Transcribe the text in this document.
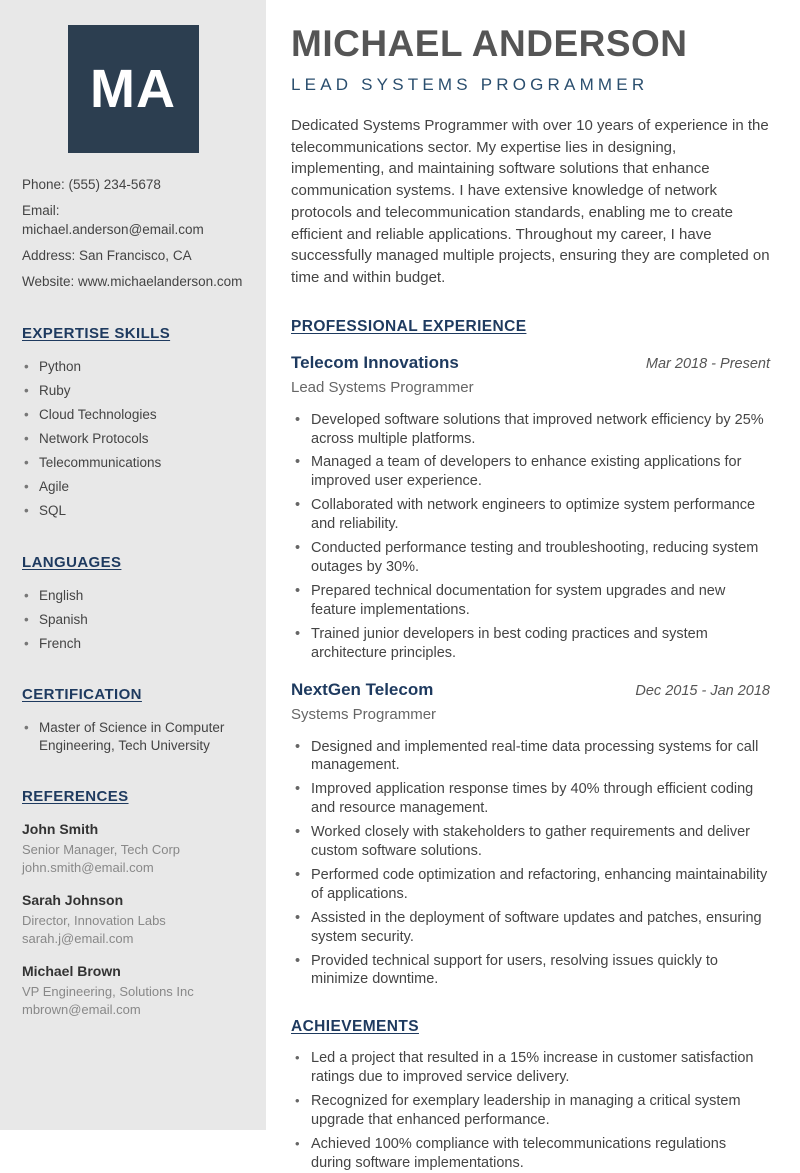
MA
Phone: (555) 234-5678
Email: michael.anderson@email.com
Address: San Francisco, CA
Website: www.michaelanderson.com
EXPERTISE SKILLS
• Python
• Ruby
• Cloud Technologies
• Network Protocols
• Telecommunications
• Agile
• SQL
LANGUAGES
• English
• Spanish
• French
CERTIFICATION
• Master of Science in Computer Engineering, Tech University
REFERENCES
John Smith
Senior Manager, Tech Corp
john.smith@email.com
Sarah Johnson
Director, Innovation Labs
sarah.j@email.com
Michael Brown
VP Engineering, Solutions Inc
mbrown@email.com
MICHAEL ANDERSON
LEAD SYSTEMS PROGRAMMER

Dedicated Systems Programmer with over 10 years of experience in the telecommunications sector. My expertise lies in designing, implementing, and maintaining software solutions that enhance communication systems. I have extensive knowledge of network protocols and telecommunication standards, enabling me to create efficient and reliable applications. Throughout my career, I have successfully managed multiple projects, ensuring they are completed on time and within budget.

PROFESSIONAL EXPERIENCE
Telecom Innovations	Mar 2018 - Present
Lead Systems Programmer
• Developed software solutions that improved network efficiency by 25% across multiple platforms.
• Managed a team of developers to enhance existing applications for improved user experience.
• Collaborated with network engineers to optimize system performance and reliability.
• Conducted performance testing and troubleshooting, reducing system outages by 30%.
• Prepared technical documentation for system upgrades and new feature implementations.
• Trained junior developers in best coding practices and system architecture principles.
NextGen Telecom	Dec 2015 - Jan 2018
Systems Programmer
• Designed and implemented real-time data processing systems for call management.
• Improved application response times by 40% through efficient coding and resource management.
• Worked closely with stakeholders to gather requirements and deliver custom software solutions.
• Performed code optimization and refactoring, enhancing maintainability of applications.
• Assisted in the deployment of software updates and patches, ensuring system security.
• Provided technical support for users, resolving issues quickly to minimize downtime.
ACHIEVEMENTS
• Led a project that resulted in a 15% increase in customer satisfaction ratings due to improved service delivery.
• Recognized for exemplary leadership in managing a critical system upgrade that enhanced performance.
• Achieved 100% compliance with telecommunications regulations during software implementations.
